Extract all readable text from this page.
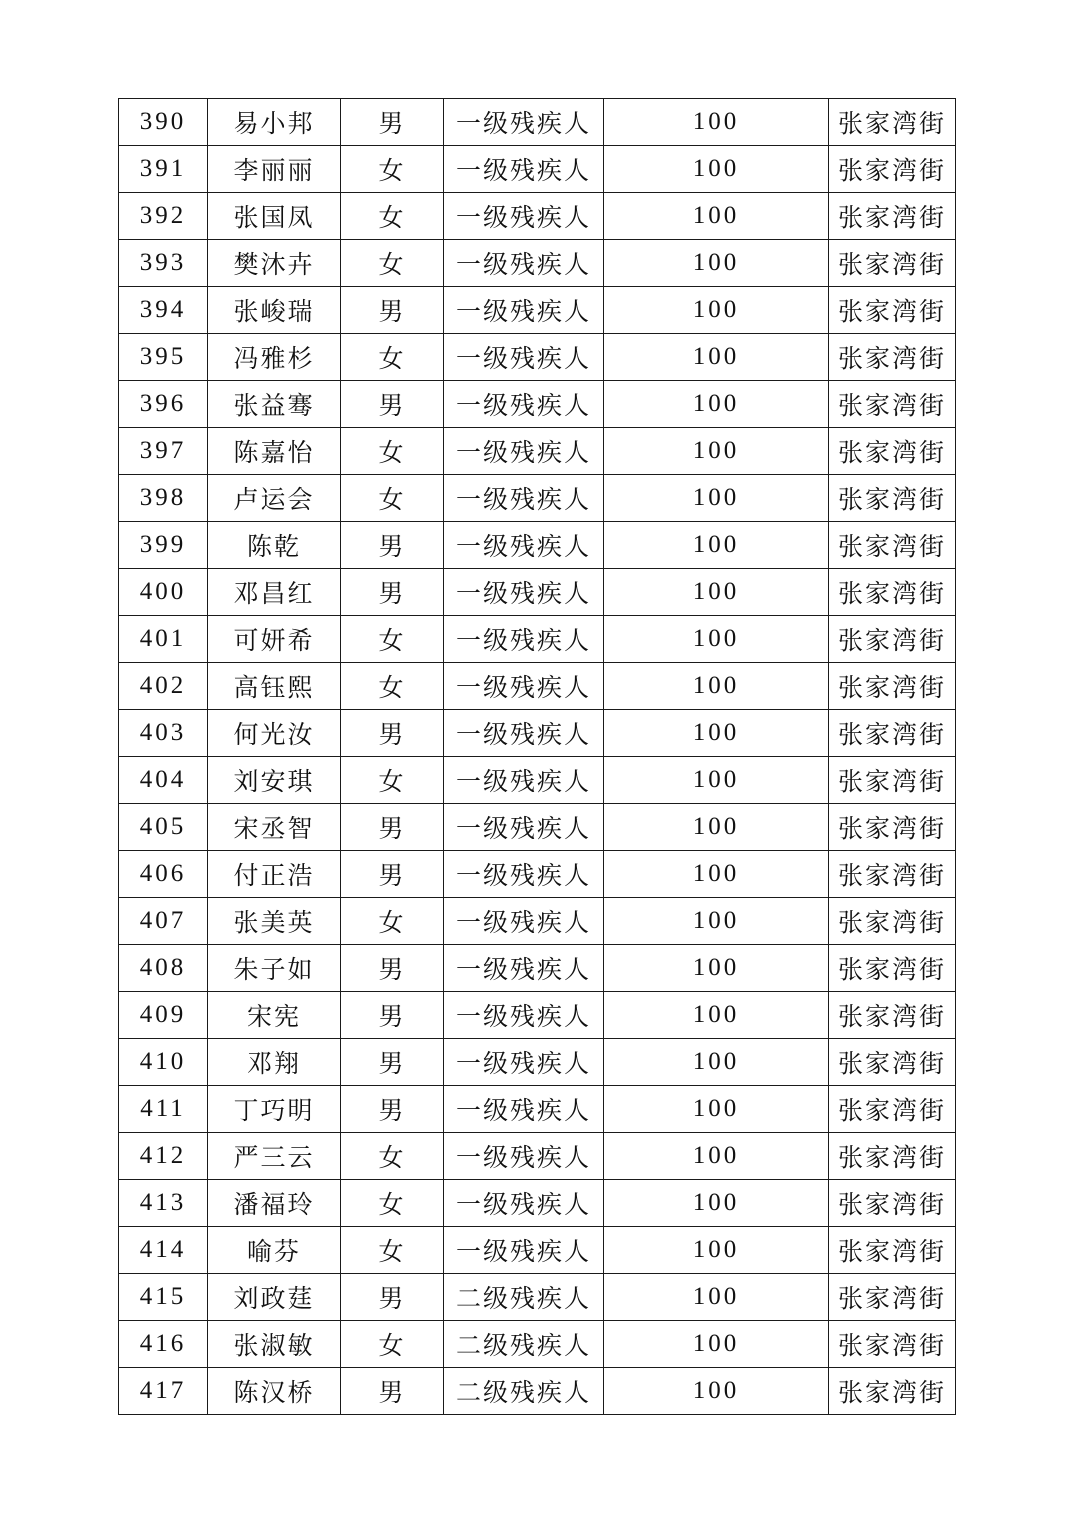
390	易小邦	男	一级残疾人	100	张家湾街
391	李丽丽	女	一级残疾人	100	张家湾街
392	张国凤	女	一级残疾人	100	张家湾街
393	樊沐卉	女	一级残疾人	100	张家湾街
394	张峻瑞	男	一级残疾人	100	张家湾街
395	冯雅杉	女	一级残疾人	100	张家湾街
396	张益骞	男	一级残疾人	100	张家湾街
397	陈嘉怡	女	一级残疾人	100	张家湾街
398	卢运会	女	一级残疾人	100	张家湾街
399	陈乾	男	一级残疾人	100	张家湾街
400	邓昌红	男	一级残疾人	100	张家湾街
401	可妍希	女	一级残疾人	100	张家湾街
402	高钰熙	女	一级残疾人	100	张家湾街
403	何光汝	男	一级残疾人	100	张家湾街
404	刘安琪	女	一级残疾人	100	张家湾街
405	宋丞智	男	一级残疾人	100	张家湾街
406	付正浩	男	一级残疾人	100	张家湾街
407	张美英	女	一级残疾人	100	张家湾街
408	朱子如	男	一级残疾人	100	张家湾街
409	宋宪	男	一级残疾人	100	张家湾街
410	邓翔	男	一级残疾人	100	张家湾街
411	丁巧明	男	一级残疾人	100	张家湾街
412	严三云	女	一级残疾人	100	张家湾街
413	潘福玲	女	一级残疾人	100	张家湾街
414	喻芬	女	一级残疾人	100	张家湾街
415	刘政莛	男	二级残疾人	100	张家湾街
416	张淑敏	女	二级残疾人	100	张家湾街
417	陈汉桥	男	二级残疾人	100	张家湾街
